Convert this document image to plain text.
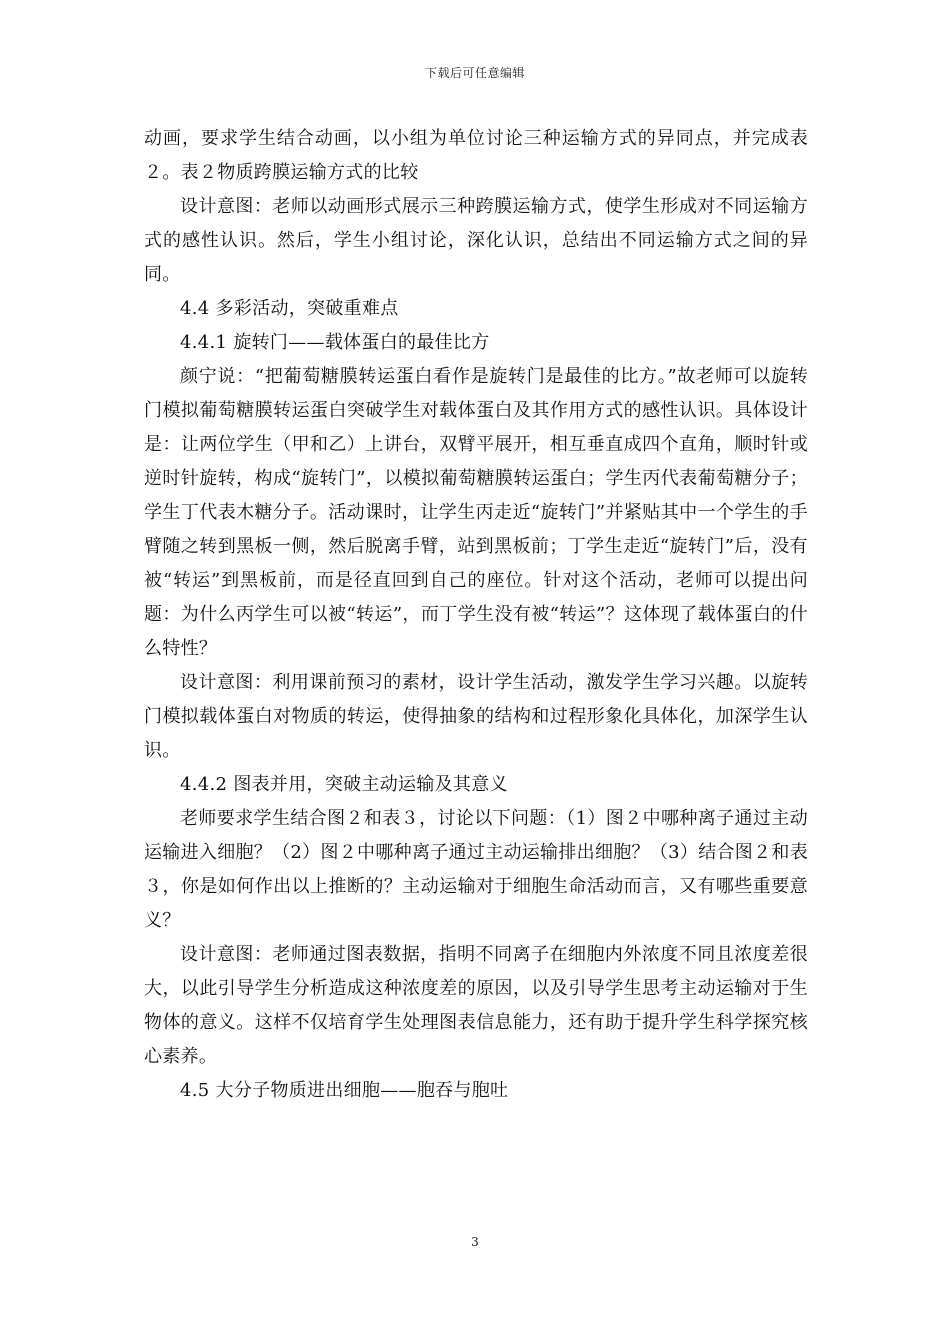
下载后可任意编辑

动画，要求学生结合动画，以小组为单位讨论三种运输方式的异同点，并完成表２。表２物质跨膜运输方式的比较

设计意图：老师以动画形式展示三种跨膜运输方式，使学生形成对不同运输方式的感性认识。然后，学生小组讨论，深化认识，总结出不同运输方式之间的异同。

4.4 多彩活动，突破重难点

4.4.1 旋转门——载体蛋白的最佳比方

颜宁说：“把葡萄糖膜转运蛋白看作是旋转门是最佳的比方。”故老师可以旋转门模拟葡萄糖膜转运蛋白突破学生对载体蛋白及其作用方式的感性认识。具体设计是：让两位学生（甲和乙）上讲台，双臂平展开，相互垂直成四个直角，顺时针或逆时针旋转，构成“旋转门”，以模拟葡萄糖膜转运蛋白；学生丙代表葡萄糖分子；学生丁代表木糖分子。活动课时，让学生丙走近“旋转门”并紧贴其中一个学生的手臂随之转到黑板一侧，然后脱离手臂，站到黑板前；丁学生走近“旋转门”后，没有被“转运”到黑板前，而是径直回到自己的座位。针对这个活动，老师可以提出问题：为什么丙学生可以被“转运”，而丁学生没有被“转运”？这体现了载体蛋白的什么特性？

设计意图：利用课前预习的素材，设计学生活动，激发学生学习兴趣。以旋转门模拟载体蛋白对物质的转运，使得抽象的结构和过程形象化具体化，加深学生认识。

4.4.2 图表并用，突破主动运输及其意义

老师要求学生结合图２和表３，讨论以下问题：（1）图２中哪种离子通过主动运输进入细胞？（2）图２中哪种离子通过主动运输排出细胞？（3）结合图２和表３，你是如何作出以上推断的？主动运输对于细胞生命活动而言，又有哪些重要意义？

设计意图：老师通过图表数据，指明不同离子在细胞内外浓度不同且浓度差很大，以此引导学生分析造成这种浓度差的原因，以及引导学生思考主动运输对于生物体的意义。这样不仅培育学生处理图表信息能力，还有助于提升学生科学探究核心素养。

4.5 大分子物质进出细胞——胞吞与胞吐

3
